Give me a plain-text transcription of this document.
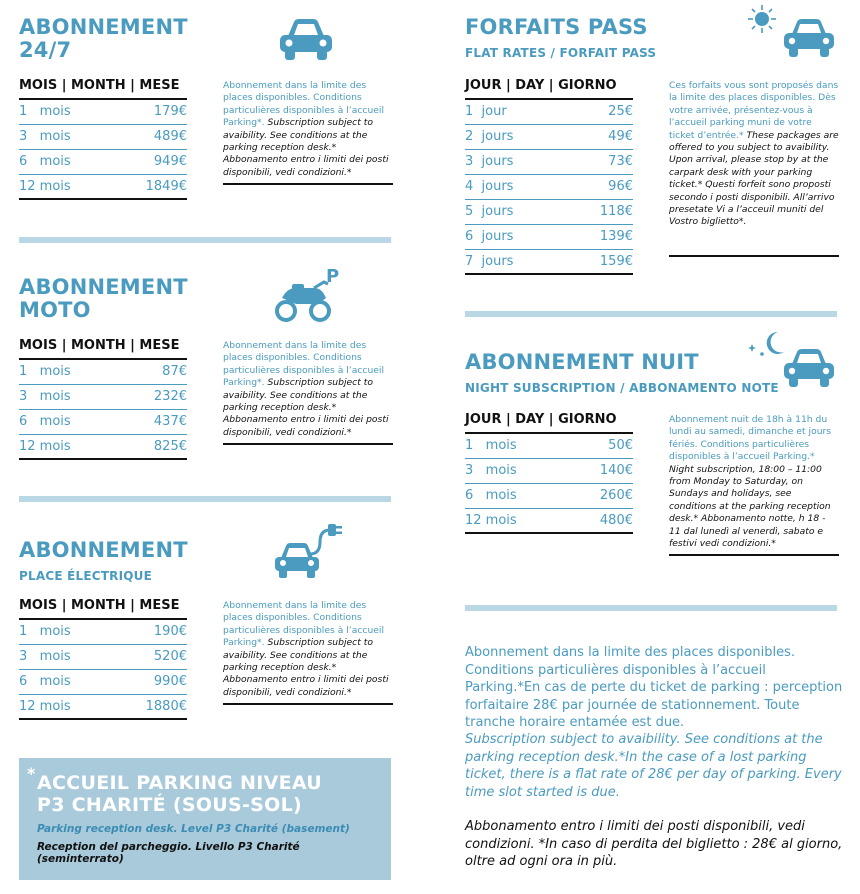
ABONNEMENT
24/7
MOIS | MONTH | MESE
1   mois	179€
3   mois	489€
6   mois	949€
12 mois	1849€
Abonnement dans la limite des places disponibles. Conditions particulières disponibles à l’accueil Parking*. Subscription subject to avaibility. See conditions at the parking reception desk.* Abbonamento entro i limiti dei posti disponibili, vedi condizioni.*
ABONNEMENT
MOTO
P
MOIS | MONTH | MESE
1   mois	87€
3   mois	232€
6   mois	437€
12 mois	825€
Abonnement dans la limite des places disponibles. Conditions particulières disponibles à l’accueil Parking*. Subscription subject to avaibility. See conditions at the parking reception desk.* Abbonamento entro i limiti dei posti disponibili, vedi condizioni.*
ABONNEMENT
PLACE ÉLECTRIQUE
MOIS | MONTH | MESE
1   mois	190€
3   mois	520€
6   mois	990€
12 mois	1880€
Abonnement dans la limite des places disponibles. Conditions particulières disponibles à l’accueil Parking*. Subscription subject to avaibility. See conditions at the parking reception desk.* Abbonamento entro i limiti dei posti disponibili, vedi condizioni.*
* ACCUEIL PARKING NIVEAU
P3 CHARITÉ (SOUS-SOL)
Parking reception desk. Level P3 Charité (basement)
Reception del parcheggio. Livello P3 Charité (seminterrato)
FORFAITS PASS
FLAT RATES / FORFAIT PASS
JOUR | DAY | GIORNO
1  jour	25€
2  jours	49€
3  jours	73€
4  jours	96€
5  jours	118€
6  jours	139€
7  jours	159€
Ces forfaits vous sont proposés dans la limite des places disponibles. Dès votre arrivée, présentez-vous à l’accueil parking muni de votre ticket d’entrée.* These packages are offered to you subject to avaibility. Upon arrival, please stop by at the carpark desk with your parking ticket.* Questi forfeit sono proposti secondo i posti disponibili. All’arrivo presetate Vi a l’acceuil muniti del Vostro biglietto*.
ABONNEMENT NUIT
NIGHT SUBSCRIPTION / ABBONAMENTO NOTE
JOUR | DAY | GIORNO
1   mois	50€
3   mois	140€
6   mois	260€
12 mois	480€
Abonnement nuit de 18h à 11h du lundi au samedi, dimanche et jours fériés. Conditions particulières disponibles à l’accueil Parking.* Night subscription, 18:00 – 11:00 from Monday to Saturday, on Sundays and holidays, see conditions at the parking reception desk.* Abbonamento notte, h 18 - 11 dal lunedì al venerdì, sabato e festivi vedi condizioni.*
Abonnement dans la limite des places disponibles. Conditions particulières disponibles à l’accueil Parking.*En cas de perte du ticket de parking : perception forfaitaire 28€ par journée de stationnement. Toute tranche horaire entamée est due.
Subscription subject to avaibility. See conditions at the parking reception desk.*In the case of a lost parking ticket, there is a flat rate of 28€ per day of parking. Every time slot started is due.
Abbonamento entro i limiti dei posti disponibili, vedi condizioni. *In caso di perdita del biglietto : 28€ al giorno, oltre ad ogni ora in più.
